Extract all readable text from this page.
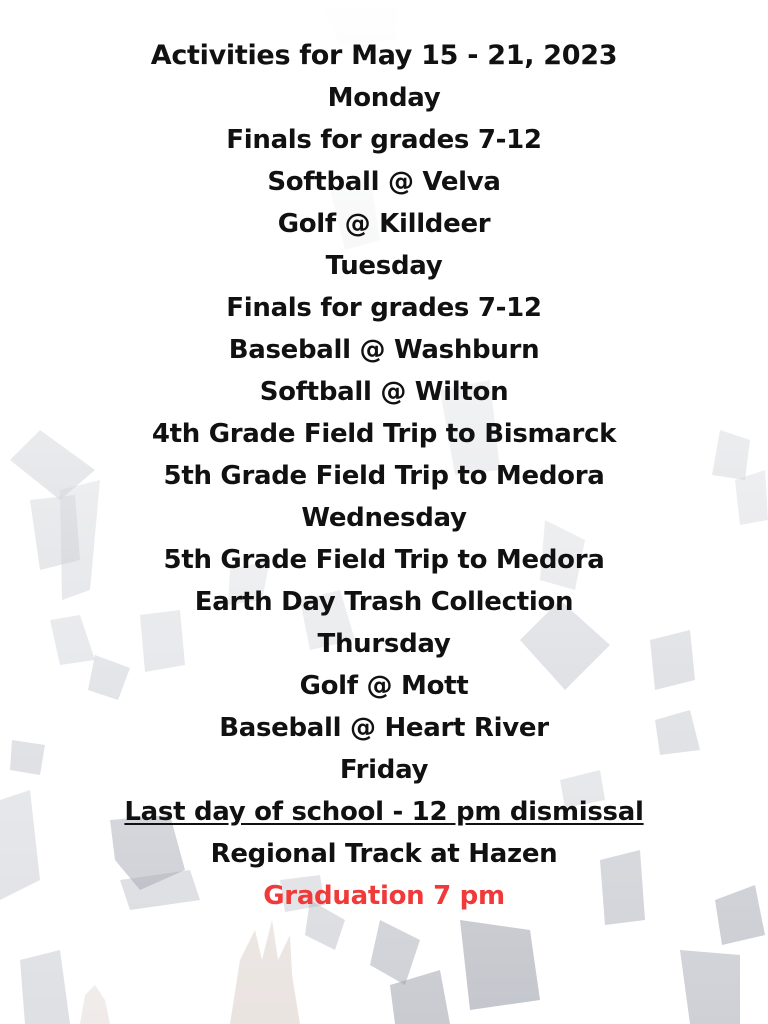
Activities for May 15 - 21, 2023
Monday
Finals for grades 7-12
Softball @ Velva
Golf @ Killdeer
Tuesday
Finals for grades 7-12
Baseball @ Washburn
Softball @ Wilton
4th Grade Field Trip to Bismarck
5th Grade Field Trip to Medora
Wednesday
5th Grade Field Trip to Medora
Earth Day Trash Collection
Thursday
Golf @ Mott
Baseball @ Heart River
Friday
Last day of school - 12 pm dismissal
Regional Track at Hazen
Graduation 7 pm
